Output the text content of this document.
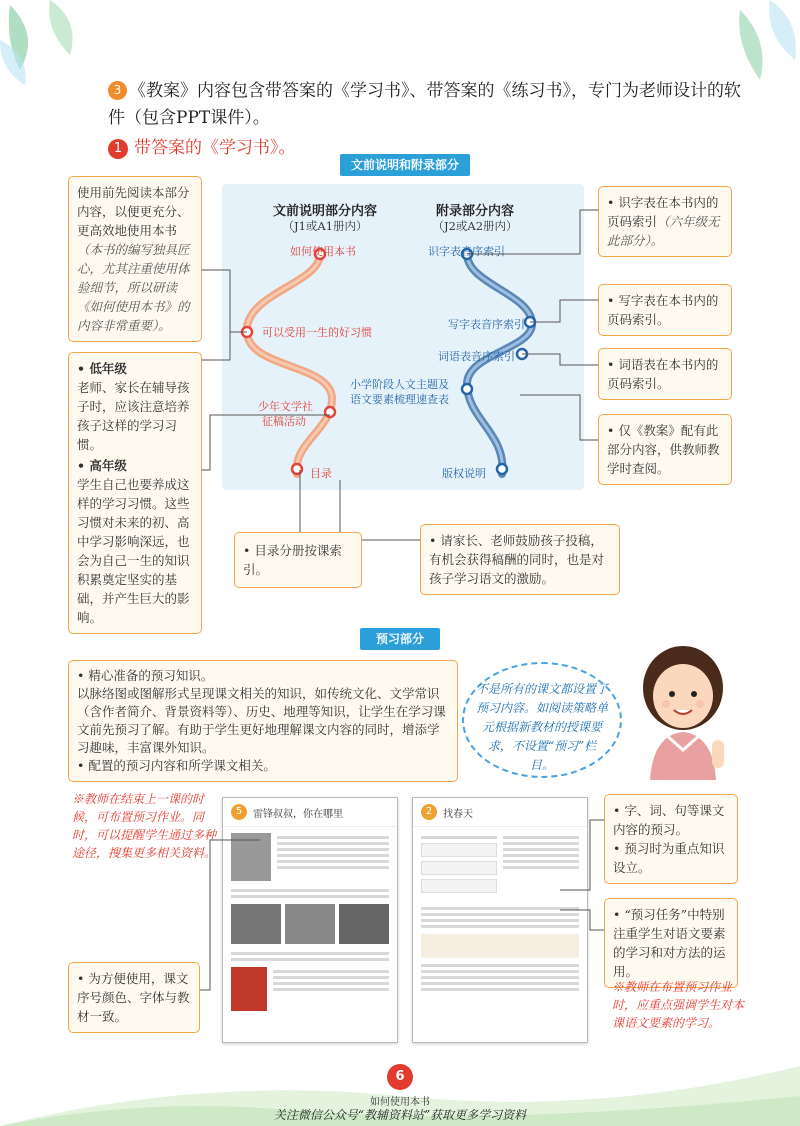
3 《教案》内容包含带答案的《学习书》、带答案的《练习书》，专门为老师设计的软件（包含PPT课件）。
1 带答案的《学习书》。
文前说明和附录部分
文前说明部分内容
（J1或A1册内）
附录部分内容
（J2或A2册内）
如何使用本书
可以受用一生的好习惯
少年文学社
征稿活动
目录
识字表音序索引
写字表音序索引
词语表音序索引
小学阶段人文主题及
语文要素梳理速查表
版权说明
使用前先阅读本部分内容，以便更充分、更高效地使用本书（本书的编写独具匠心，尤其注重使用体验细节，所以研读《如何使用本书》的内容非常重要）。
• 低年级
老师、家长在辅导孩子时，应该注意培养孩子这样的学习习惯。
• 高年级
学生自己也要养成这样的学习习惯。这些习惯对未来的初、高中学习影响深远，也会为自己一生的知识积累奠定坚实的基础，并产生巨大的影响。
• 目录分册按课索引。
• 请家长、老师鼓励孩子投稿，有机会获得稿酬的同时，也是对孩子学习语文的激励。
• 识字表在本书内的页码索引（六年级无此部分）。
• 写字表在本书内的页码索引。
• 词语表在本书内的页码索引。
• 仅《教案》配有此部分内容，供教师教学时查阅。
预习部分
• 精心准备的预习知识。
以脉络图或图解形式呈现课文相关的知识，如传统文化、文学常识（含作者简介、背景资料等）、历史、地理等知识，让学生在学习课文前先预习了解。有助于学生更好地理解课文内容的同时，增添学习趣味，丰富课外知识。
• 配置的预习内容和所学课文相关。
不是所有的课文都设置了预习内容。如阅读策略单元根据新教材的授课要求，不设置“预习”栏目。
※教师在结束上一课的时候，可布置预习作业。同时，可以提醒学生通过多种途径，搜集更多相关资料。
• 为方便使用，课文序号颜色、字体与教材一致。
5	雷锋叔叔，你在哪里	2	找春天	• 字、词、句等课文内容的预习。
• 预习时为重点知识设立。
• “预习任务”中特别注重学生对语文要素的学习和对方法的运用。
※教师在布置预习作业时，应重点强调学生对本课语文要素的学习。
6
如何使用本书
关注微信公众号“教辅资料站”获取更多学习资料
